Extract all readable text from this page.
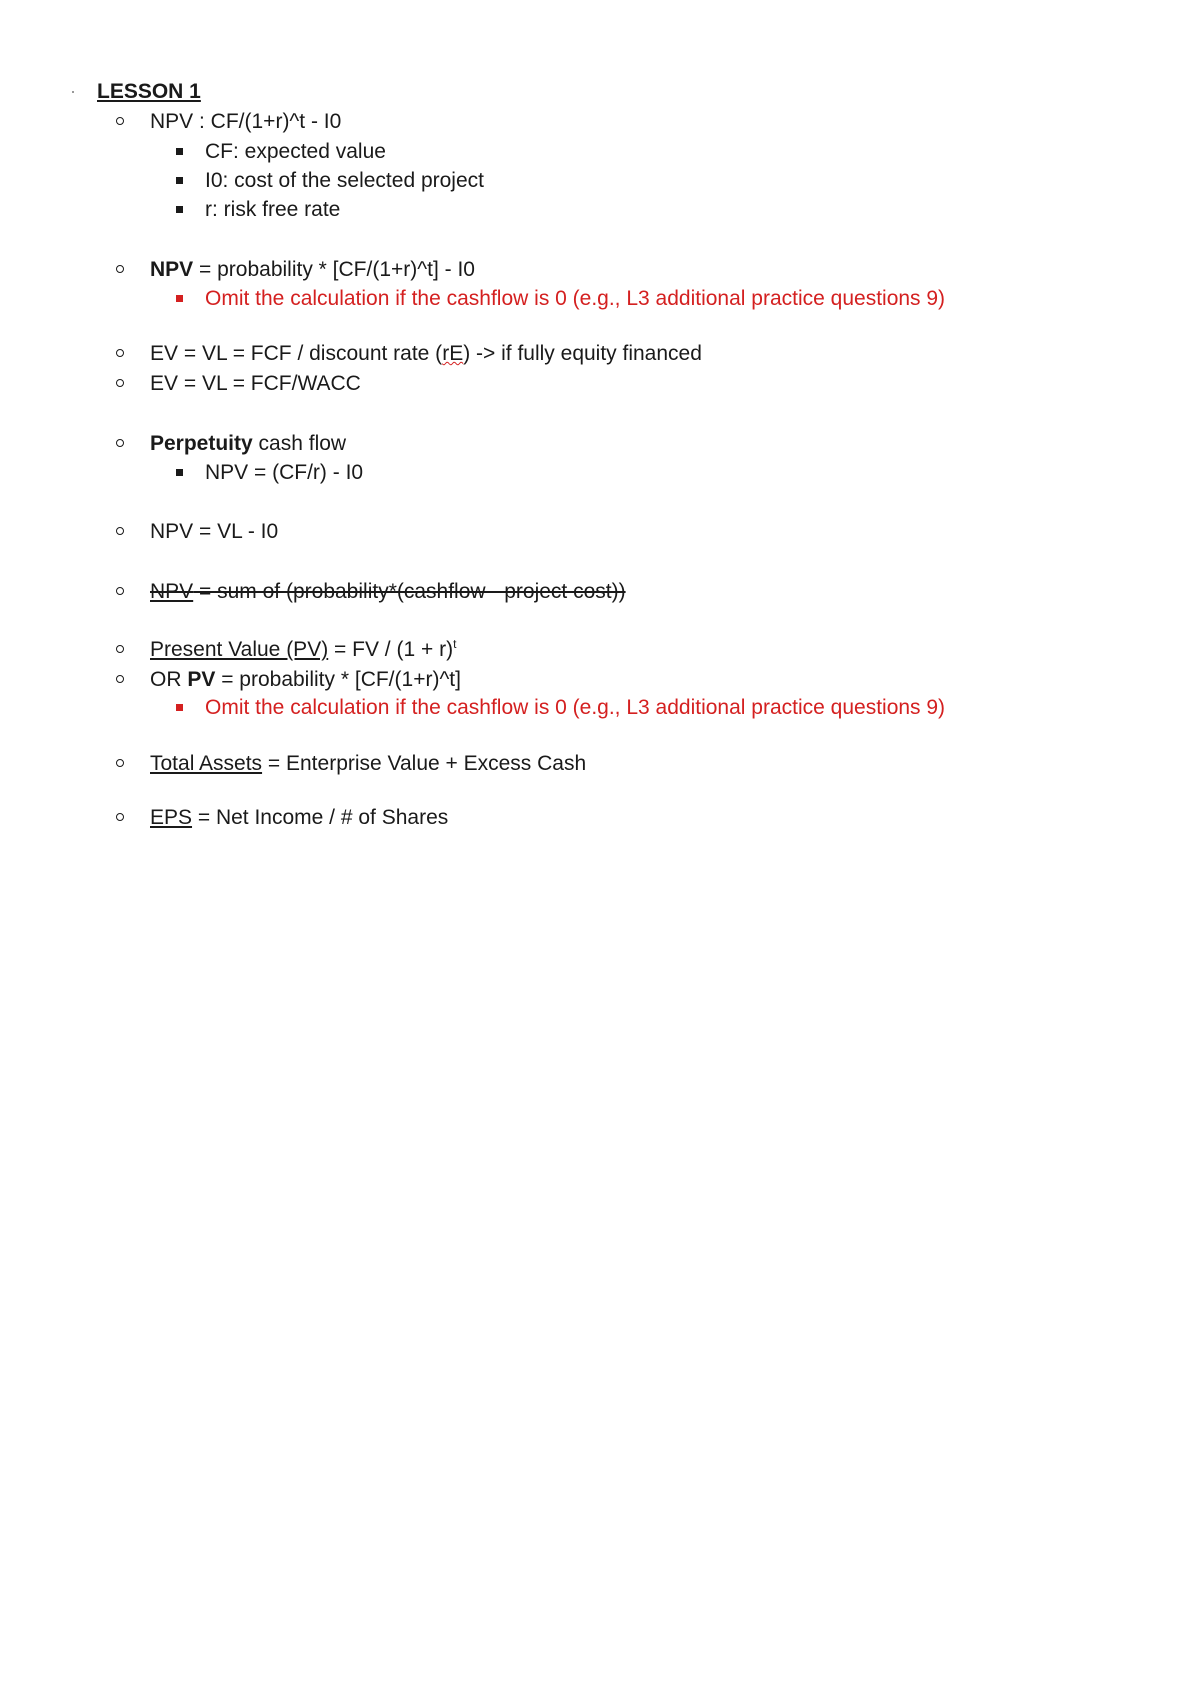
LESSON 1
NPV : CF/(1+r)^t - I0
CF: expected value
I0: cost of the selected project
r: risk free rate
NPV = probability * [CF/(1+r)^t] - I0
Omit the calculation if the cashflow is 0 (e.g., L3 additional practice questions 9)
EV = VL = FCF / discount rate (rE) -> if fully equity financed
EV = VL = FCF/WACC
Perpetuity cash flow
NPV = (CF/r) - I0
NPV = VL - I0
NPV = sum of (probability*(cashflow - project cost))
Present Value (PV) = FV / $(1 + r)^t$
OR PV = probability * [CF/(1+r)^t]
Omit the calculation if the cashflow is 0 (e.g., L3 additional practice questions 9)
Total Assets = Enterprise Value + Excess Cash
EPS = Net Income / # of Shares
